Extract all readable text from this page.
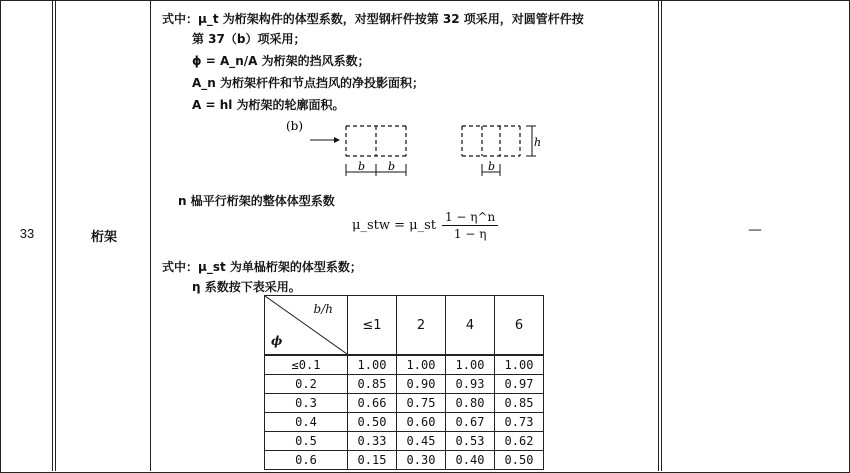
33	桁架	—
式中：μ_t 为桁架构件的体型系数，对型钢杆件按第 32 项采用，对圆管杆件按
第 37（b）项采用；
ϕ = A_n/A 为桁架的挡风系数；
A_n 为桁架杆件和节点挡风的净投影面积；
A = hl 为桁架的轮廓面积。
(b)
b b	b
h
n 榀平行桁架的整体体型系数
μ_stw = μ_st $\frac{1 - \eta\^{}n}{1 - \eta}$
式中：μ_st 为单榀桁架的体型系数；
η 系数按下表采用。
b/h
ϕ	≤1	2	4	6
≤0.1	1.00	1.00	1.00	1.00
0.2	0.85	0.90	0.93	0.97
0.3	0.66	0.75	0.80	0.85
0.4	0.50	0.60	0.67	0.73
0.5	0.33	0.45	0.53	0.62
0.6	0.15	0.30	0.40	0.50
